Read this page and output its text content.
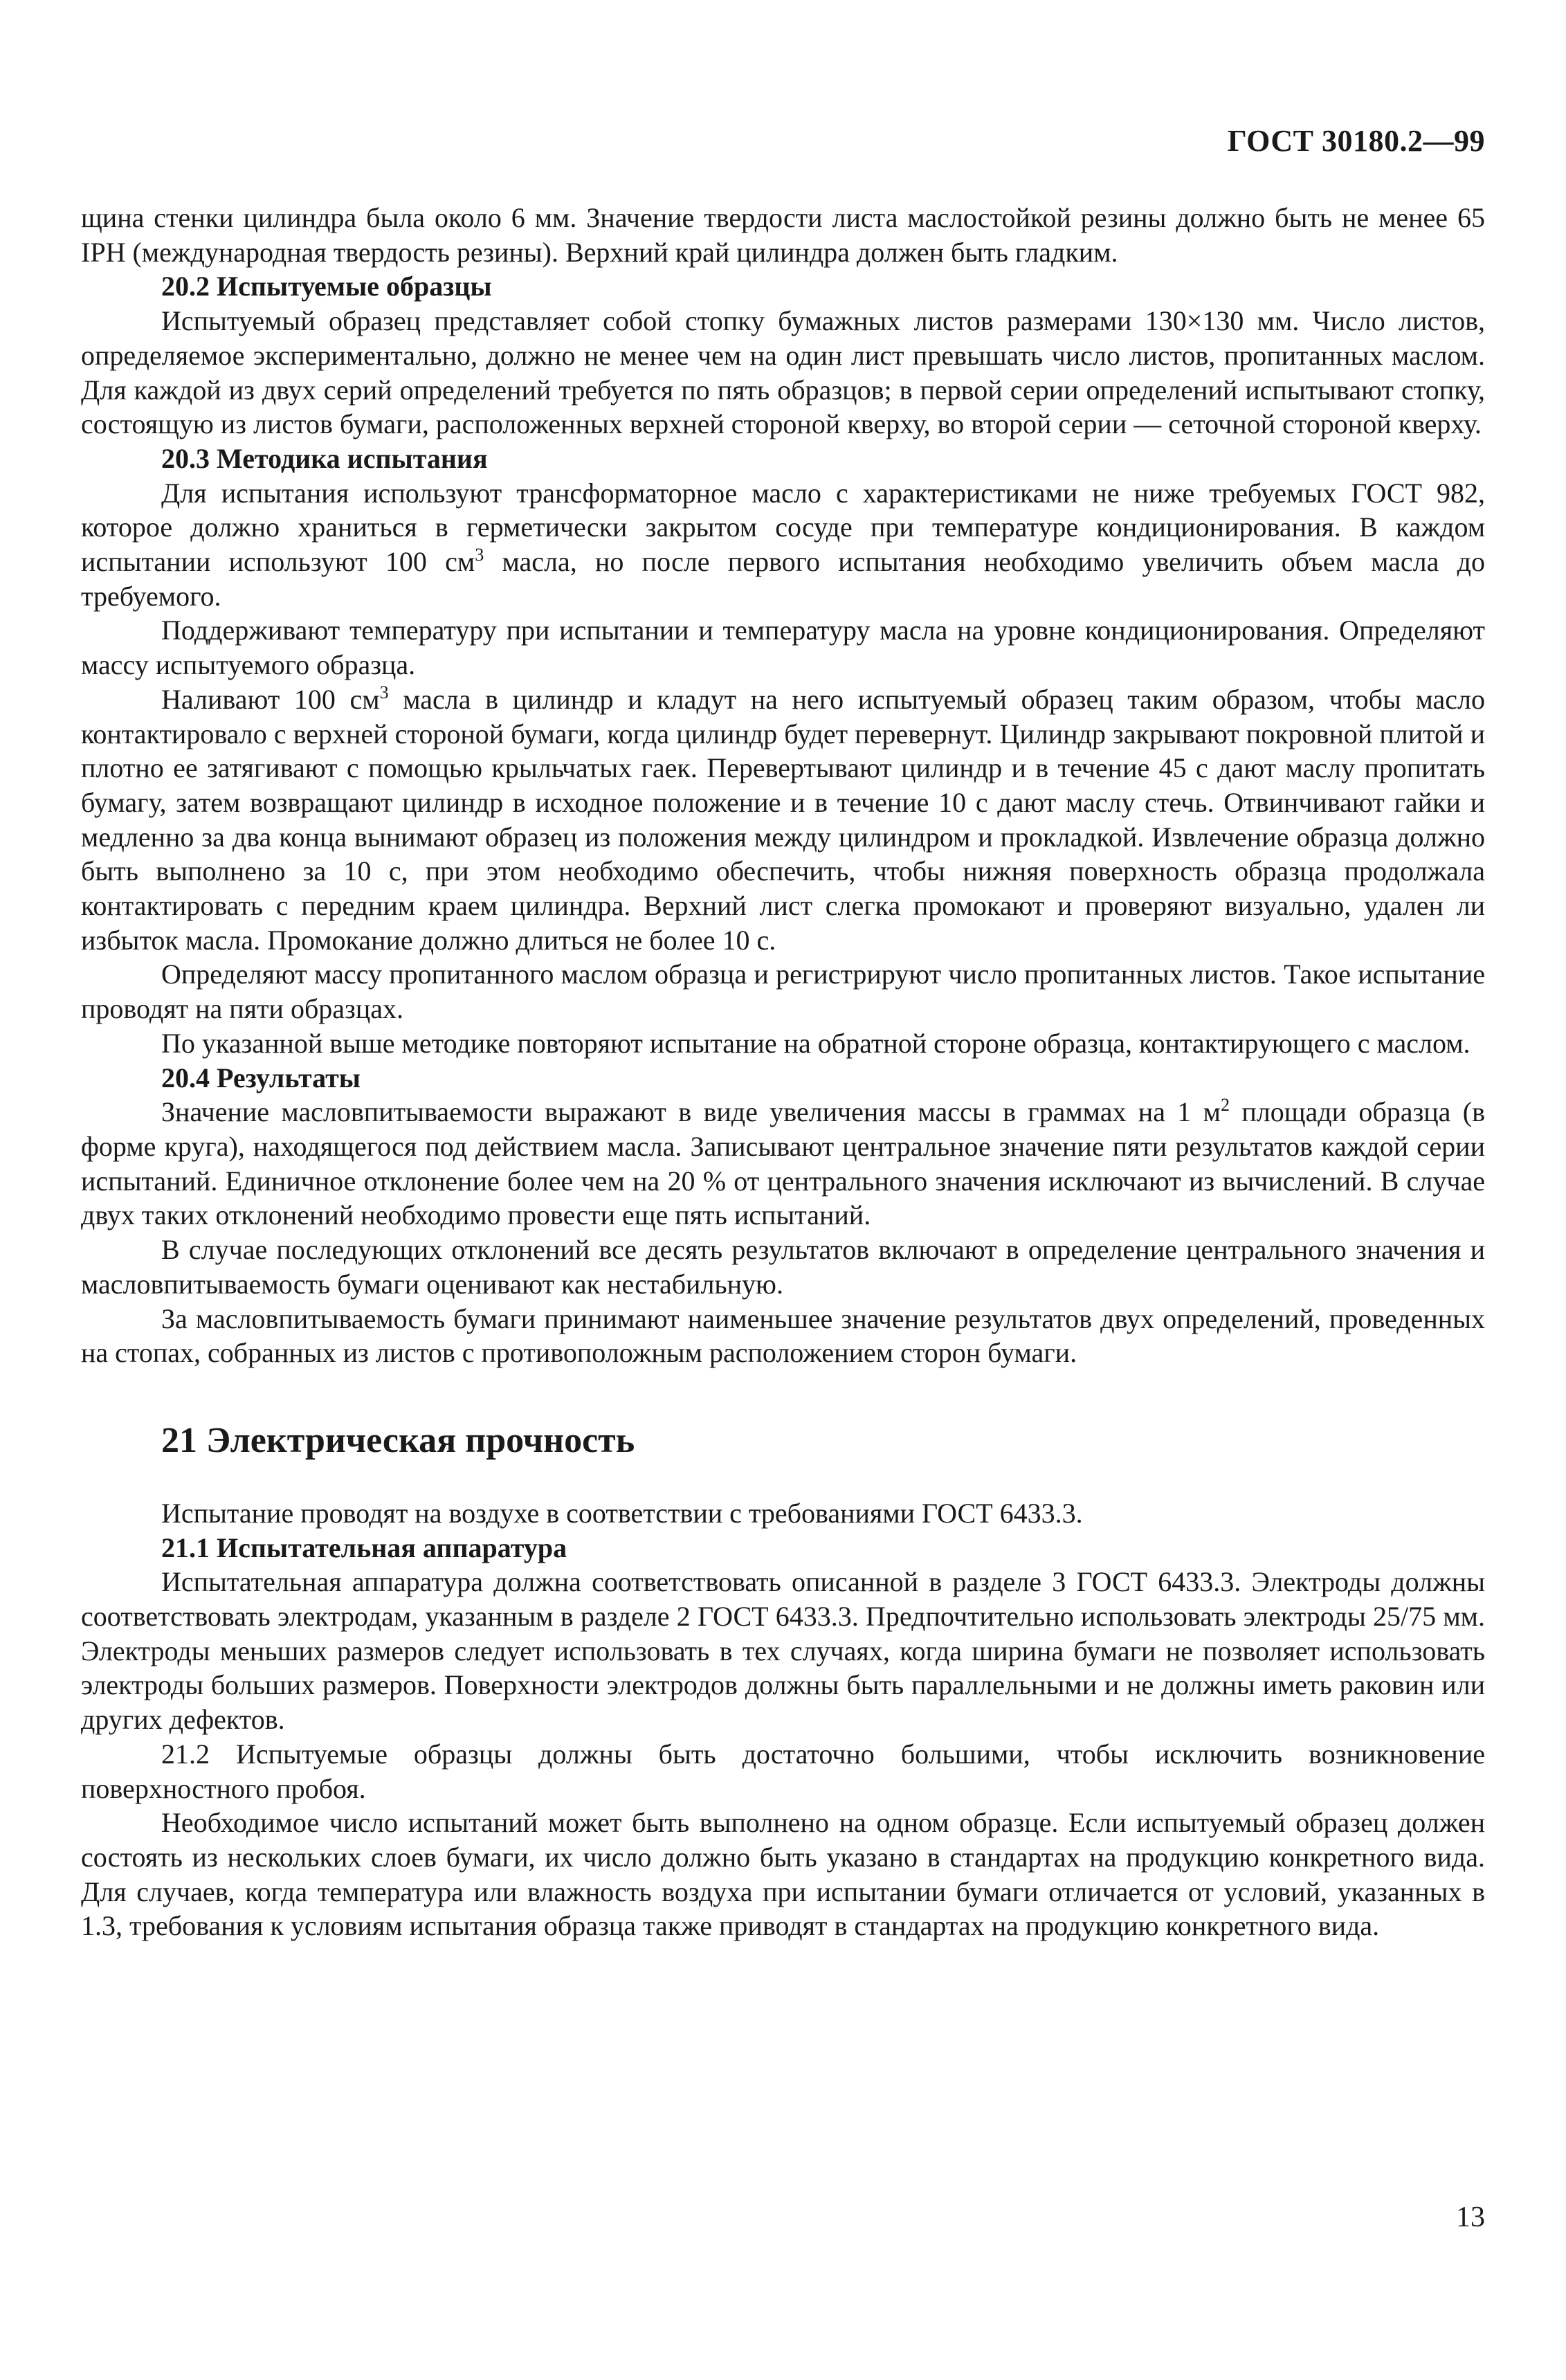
ГОСТ 30180.2—99

щина стенки цилиндра была около 6 мм. Значение твердости листа маслостойкой резины должно быть не менее 65 IPH (международная твердость резины). Верхний край цилиндра должен быть гладким.

20.2 Испытуемые образцы

Испытуемый образец представляет собой стопку бумажных листов размерами 130×130 мм. Число листов, определяемое экспериментально, должно не менее чем на один лист превышать число листов, пропитанных маслом. Для каждой из двух серий определений требуется по пять образцов; в первой серии определений испытывают стопку, состоящую из листов бумаги, расположенных верхней стороной кверху, во второй серии — сеточной стороной кверху.

20.3 Методика испытания

Для испытания используют трансформаторное масло с характеристиками не ниже требуемых ГОСТ 982, которое должно храниться в герметически закрытом сосуде при температуре кондиционирования. В каждом испытании используют 100 $см^3$ масла, но после первого испытания необходимо увеличить объем масла до требуемого.

Поддерживают температуру при испытании и температуру масла на уровне кондиционирования. Определяют массу испытуемого образца.

Наливают 100 $см^3$ масла в цилиндр и кладут на него испытуемый образец таким образом, чтобы масло контактировало с верхней стороной бумаги, когда цилиндр будет перевернут. Цилиндр закрывают покровной плитой и плотно ее затягивают с помощью крыльчатых гаек. Перевертывают цилиндр и в течение 45 с дают маслу пропитать бумагу, затем возвращают цилиндр в исходное положение и в течение 10 с дают маслу стечь. Отвинчивают гайки и медленно за два конца вынимают образец из положения между цилиндром и прокладкой. Извлечение образца должно быть выполнено за 10 с, при этом необходимо обеспечить, чтобы нижняя поверхность образца продолжала контактировать с передним краем цилиндра. Верхний лист слегка промокают и проверяют визуально, удален ли избыток масла. Промокание должно длиться не более 10 с.

Определяют массу пропитанного маслом образца и регистрируют число пропитанных листов. Такое испытание проводят на пяти образцах.

По указанной выше методике повторяют испытание на обратной стороне образца, контактирующего с маслом.

20.4 Результаты

Значение масловпитываемости выражают в виде увеличения массы в граммах на 1 $м^2$ площади образца (в форме круга), находящегося под действием масла. Записывают центральное значение пяти результатов каждой серии испытаний. Единичное отклонение более чем на 20 % от центрального значения исключают из вычислений. В случае двух таких отклонений необходимо провести еще пять испытаний.

В случае последующих отклонений все десять результатов включают в определение центрального значения и масловпитываемость бумаги оценивают как нестабильную.

За масловпитываемость бумаги принимают наименьшее значение результатов двух определений, проведенных на стопах, собранных из листов с противоположным расположением сторон бумаги.

21 Электрическая прочность

Испытание проводят на воздухе в соответствии с требованиями ГОСТ 6433.3.

21.1 Испытательная аппаратура

Испытательная аппаратура должна соответствовать описанной в разделе 3 ГОСТ 6433.3. Электроды должны соответствовать электродам, указанным в разделе 2 ГОСТ 6433.3. Предпочтительно использовать электроды 25/75 мм. Электроды меньших размеров следует использовать в тех случаях, когда ширина бумаги не позволяет использовать электроды больших размеров. Поверхности электродов должны быть параллельными и не должны иметь раковин или других дефектов.

21.2 Испытуемые образцы должны быть достаточно большими, чтобы исключить возникновение поверхностного пробоя.

Необходимое число испытаний может быть выполнено на одном образце. Если испытуемый образец должен состоять из нескольких слоев бумаги, их число должно быть указано в стандартах на продукцию конкретного вида. Для случаев, когда температура или влажность воздуха при испытании бумаги отличается от условий, указанных в 1.3, требования к условиям испытания образца также приводят в стандартах на продукцию конкретного вида.

13
